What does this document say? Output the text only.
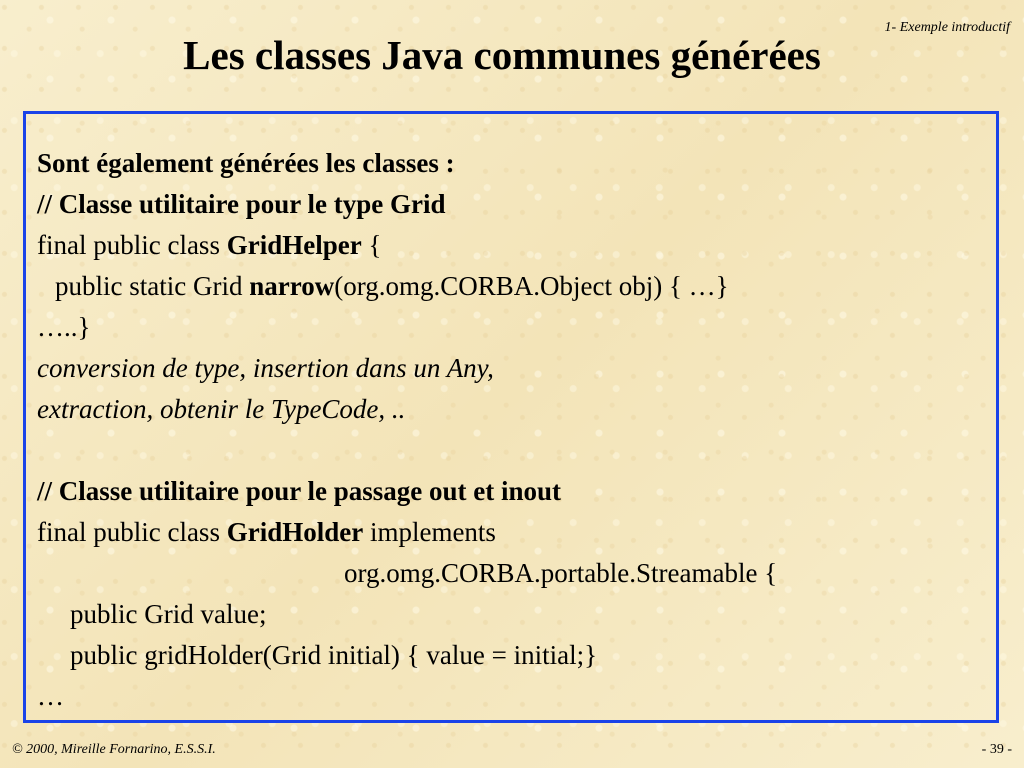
1- Exemple introductif
Les classes Java communes générées
Sont également générées les classes :
// Classe utilitaire pour le type Grid
final public class GridHelper {
public static Grid narrow(org.omg.CORBA.Object obj) { …}
…..}
conversion de type, insertion dans un Any,
extraction, obtenir le TypeCode, ..
// Classe utilitaire pour le passage out et inout
final public class GridHolder implements
org.omg.CORBA.portable.Streamable {
public Grid value;
public gridHolder(Grid initial) { value = initial;}
…
© 2000, Mireille Fornarino, E.S.S.I.	- 39 -
